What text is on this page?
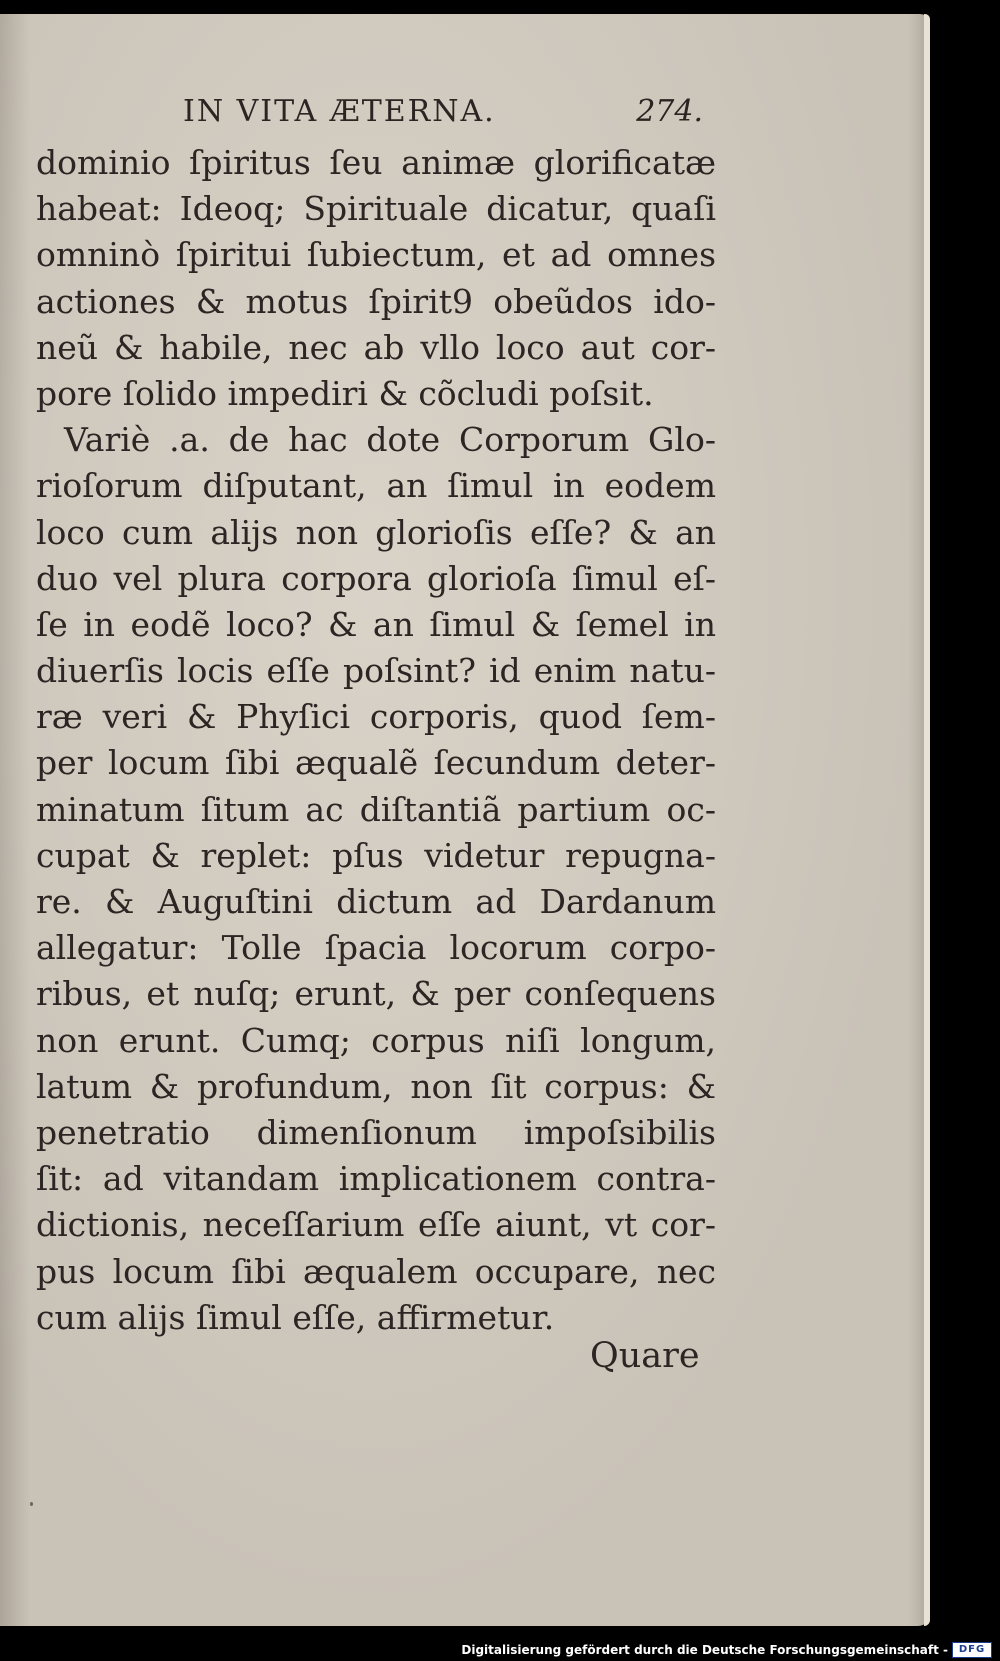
IN VITA ÆTERNA.	274.
dominio ſpiritus ſeu animæ glorificatæ
habeat: Ideoq; Spirituale dicatur, quaſi
omninò ſpiritui ſubiectum, et ad omnes
actiones & motus ſpirit9 obeũdos ido-
neũ & habile, nec ab vllo loco aut cor-
pore ſolido impediri & cõcludi poſsit.
Variè .a. de hac dote Corporum Glo-
rioſorum diſputant, an ſimul in eodem
loco cum alijs non glorioſis eſſe? & an
duo vel plura corpora glorioſa ſimul eſ-
ſe in eodẽ loco? & an ſimul & ſemel in
diuerſis locis eſſe poſsint? id enim natu-
ræ veri & Phyſici corporis, quod ſem-
per locum ſibi æqualẽ ſecundum deter-
minatum ſitum ac diſtantiã partium oc-
cupat & replet: pſus videtur repugna-
re. & Auguſtini dictum ad Dardanum
allegatur: Tolle ſpacia locorum corpo-
ribus, et nuſq; erunt, & per conſequens
non erunt. Cumq; corpus niſi longum,
latum & profundum, non ſit corpus: &
penetratio dimenſionum impoſsibilis
ſit: ad vitandam implicationem contra-
dictionis, neceſſarium eſſe aiunt, vt cor-
pus locum ſibi æqualem occupare, nec
cum alijs ſimul eſſe, affirmetur.
Quare
Digitalisierung gefördert durch die Deutsche Forschungsgemeinschaft -	DFG
